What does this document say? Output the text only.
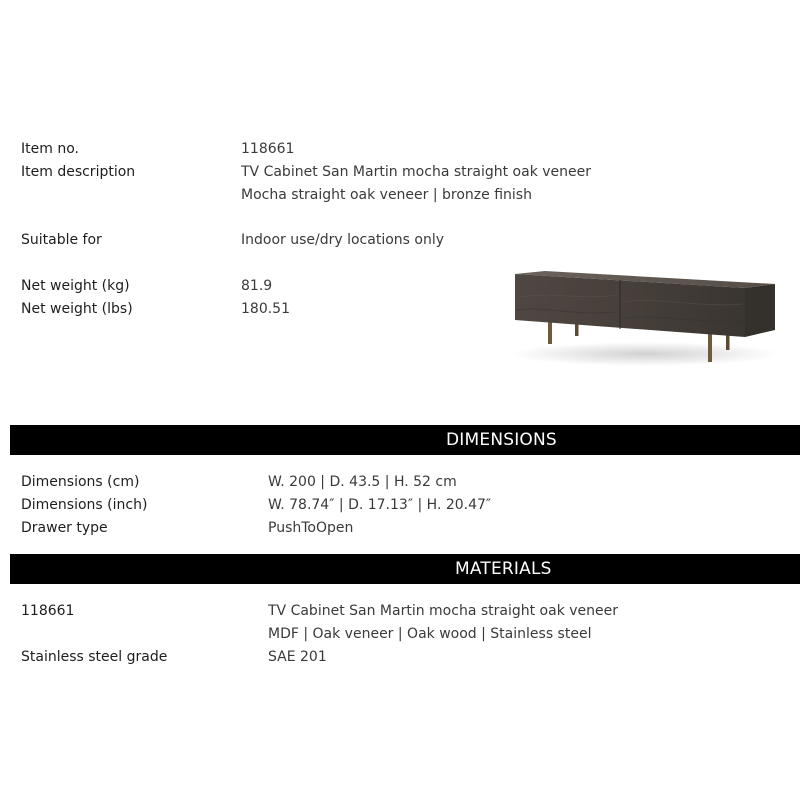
Item no.	118661
Item description	TV Cabinet San Martin mocha straight oak veneer
Mocha straight oak veneer | bronze finish
Suitable for	Indoor use/dry locations only
Net weight (kg)	81.9
Net weight (lbs)	180.51
DIMENSIONS
Dimensions (cm)	W. 200 | D. 43.5 | H. 52 cm
Dimensions (inch)	W. 78.74″ | D. 17.13″ | H. 20.47″
Drawer type	PushToOpen
MATERIALS
118661	TV Cabinet San Martin mocha straight oak veneer
MDF | Oak veneer | Oak wood | Stainless steel
Stainless steel grade	SAE 201
